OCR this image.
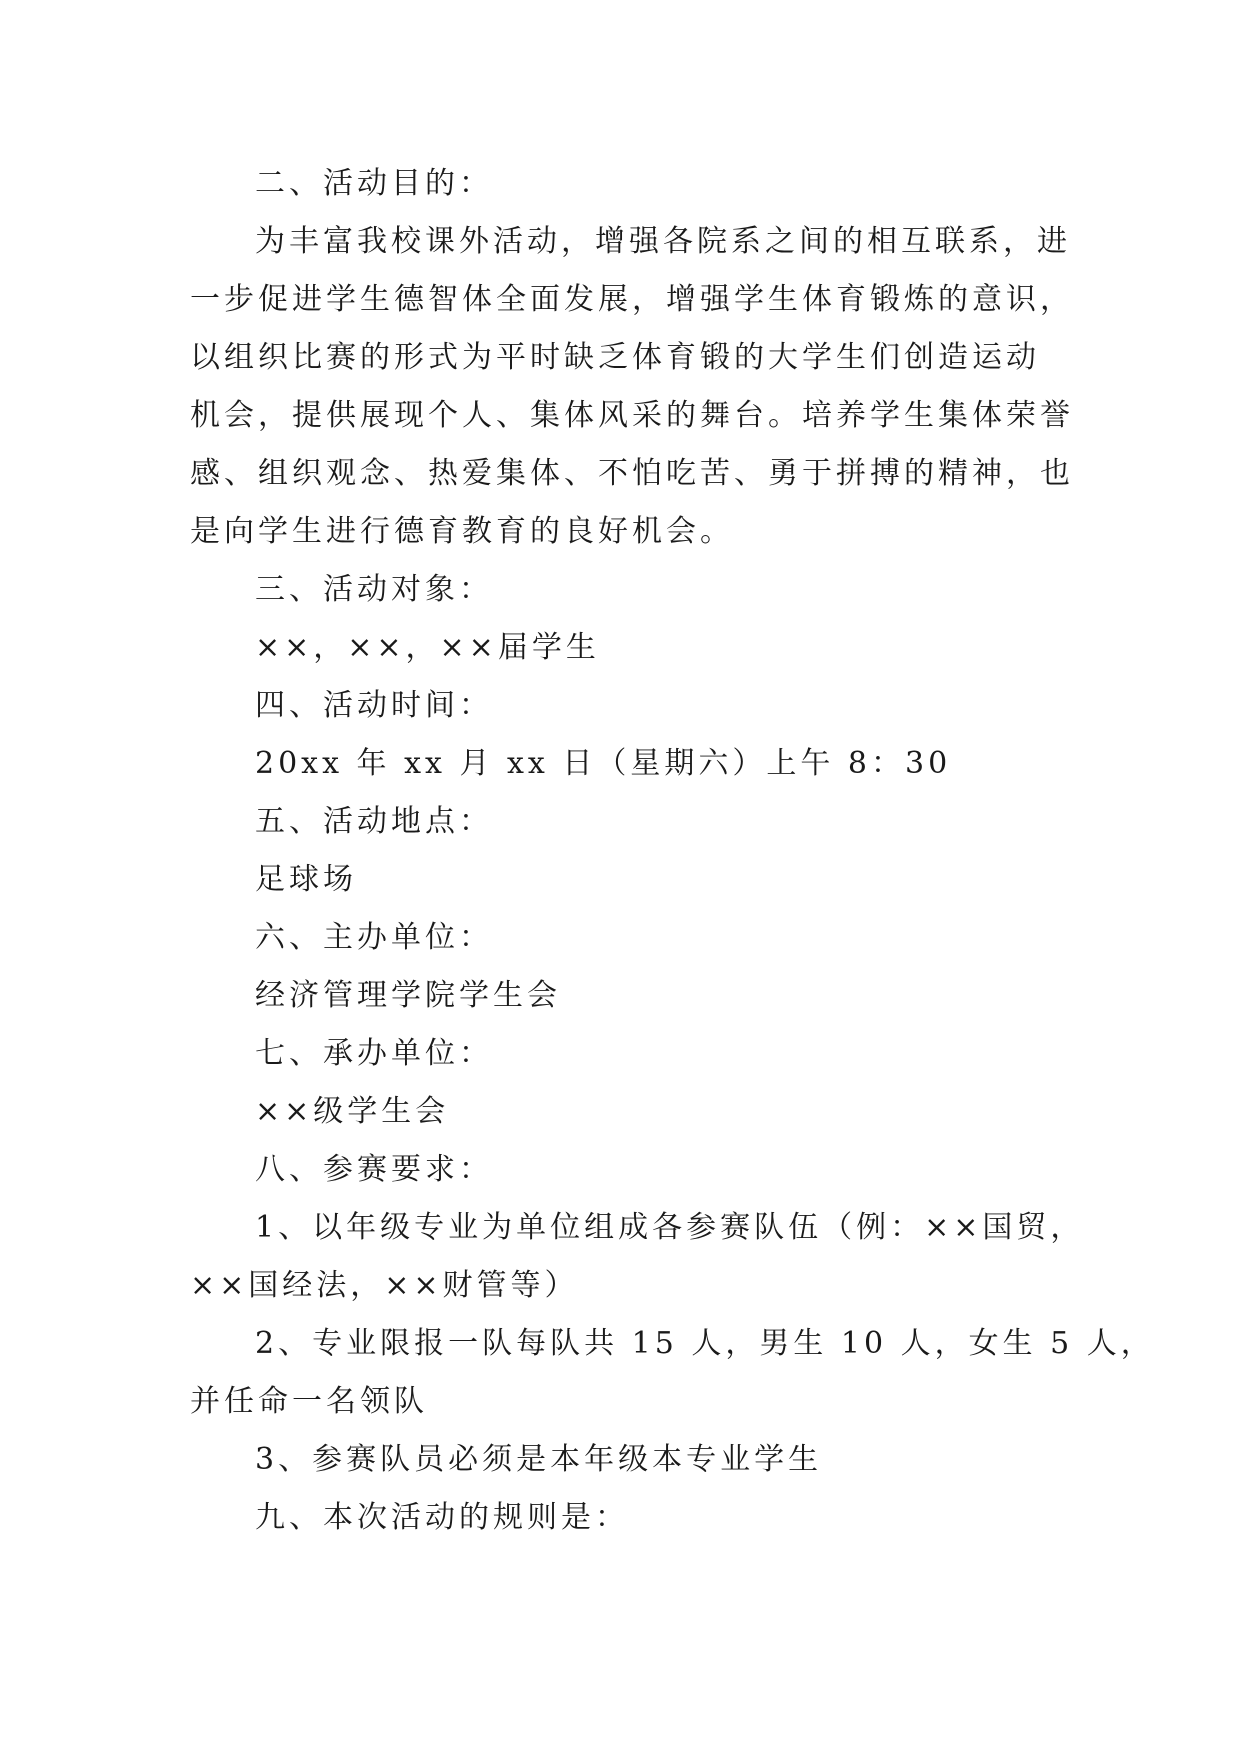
二、活动目的：
为丰富我校课外活动，增强各院系之间的相互联系，进
一步促进学生德智体全面发展，增强学生体育锻炼的意识，
以组织比赛的形式为平时缺乏体育锻的大学生们创造运动
机会，提供展现个人、集体风采的舞台。培养学生集体荣誉
感、组织观念、热爱集体、不怕吃苦、勇于拼搏的精神，也
是向学生进行德育教育的良好机会。
三、活动对象：
××，××，××届学生
四、活动时间：
20xx 年 xx 月 xx 日（星期六）上午 8：30
五、活动地点：
足球场
六、主办单位：
经济管理学院学生会
七、承办单位：
××级学生会
八、参赛要求：
1、以年级专业为单位组成各参赛队伍（例：××国贸，
××国经法，××财管等）
2、专业限报一队每队共 15 人，男生 10 人，女生 5 人，
并任命一名领队
3、参赛队员必须是本年级本专业学生
九、本次活动的规则是：
